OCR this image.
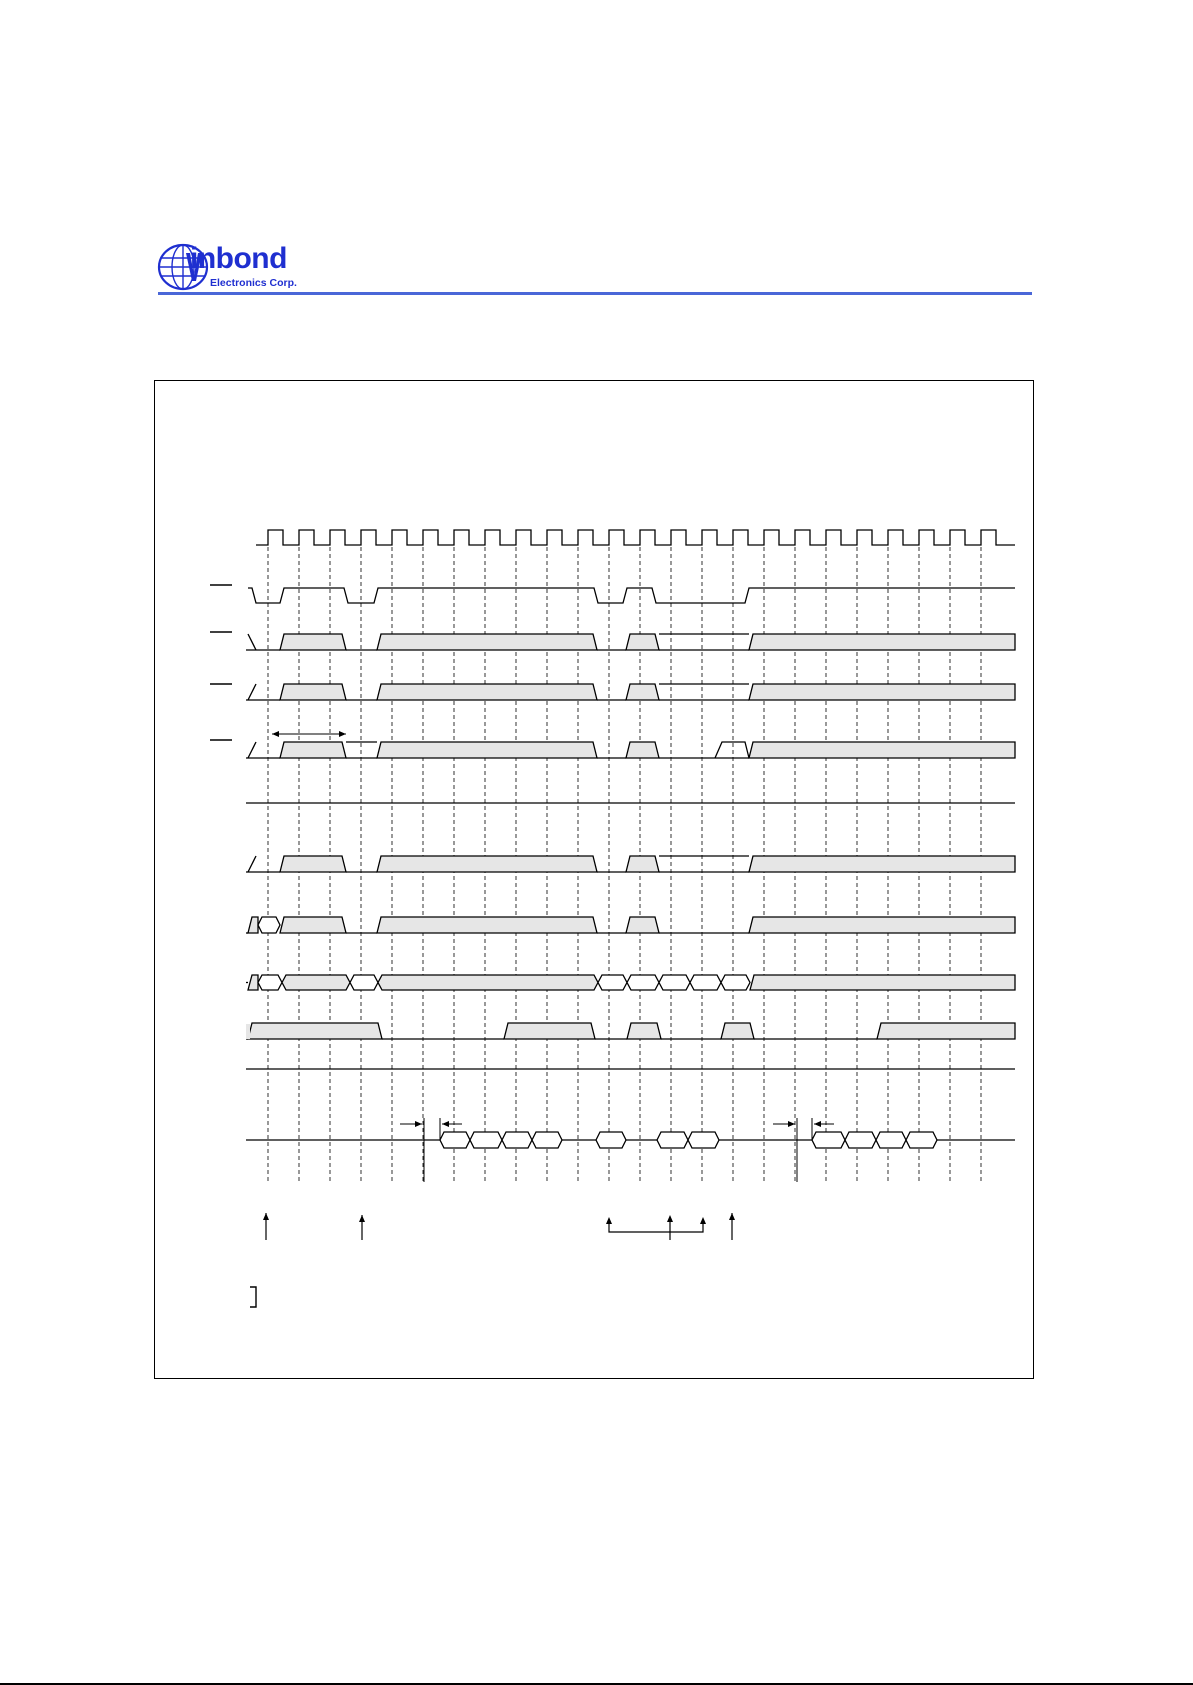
inbond
Electronics Corp.
